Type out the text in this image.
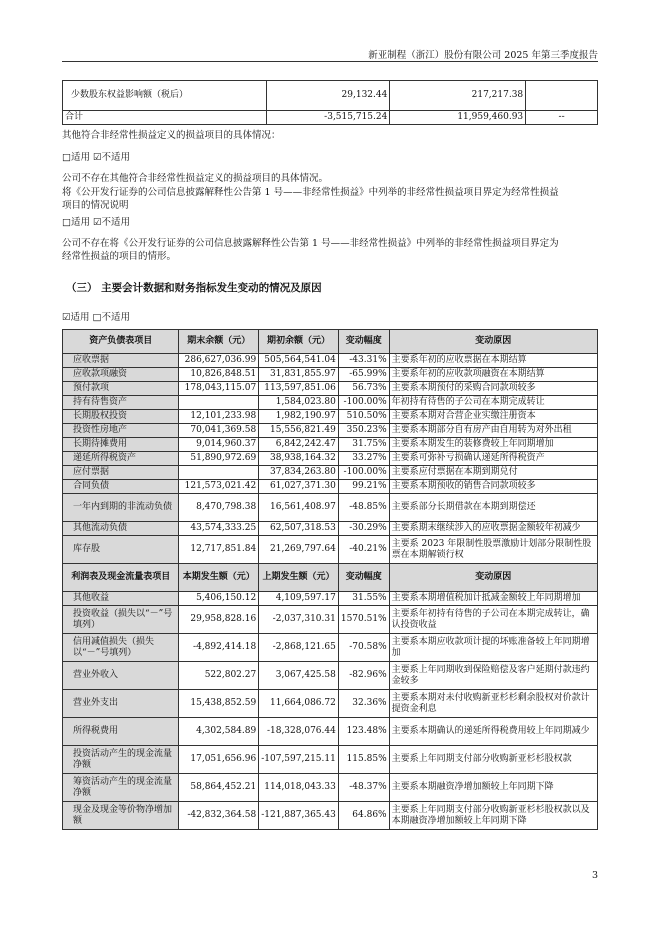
新亚制程（浙江）股份有限公司 2025 年第三季度报告
少数股东权益影响额（税后）	29,132.44	217,217.38	
合计	-3,515,715.24	11,959,460.93	--
其他符合非经常性损益定义的损益项目的具体情况：
□适用 ☑不适用
公司不存在其他符合非经常性损益定义的损益项目的具体情况。
将《公开发行证券的公司信息披露解释性公告第 1 号——非经常性损益》中列举的非经常性损益项目界定为经常性损益
项目的情况说明
□适用 ☑不适用
公司不存在将《公开发行证券的公司信息披露解释性公告第 1 号——非经常性损益》中列举的非经常性损益项目界定为
经常性损益的项目的情形。
（三） 主要会计数据和财务指标发生变动的情况及原因
☑适用 □不适用
资产负债表项目	期末余额（元）	期初余额（元）	变动幅度	变动原因
应收票据	286,627,036.99	505,564,541.04	-43.31%	主要系年初的应收票据在本期结算
应收款项融资	10,826,848.51	31,831,855.97	-65.99%	主要系年初的应收款项融资在本期结算
预付款项	178,043,115.07	113,597,851.06	56.73%	主要系本期预付的采购合同款项较多
持有待售资产		1,584,023.80	-100.00%	年初持有待售的子公司在本期完成转让
长期股权投资	12,101,233.98	1,982,190.97	510.50%	主要系本期对合营企业实缴注册资本
投资性房地产	70,041,369.58	15,556,821.49	350.23%	主要系本期部分自有房产由自用转为对外出租
长期待摊费用	9,014,960.37	6,842,242.47	31.75%	主要系本期发生的装修费较上年同期增加
递延所得税资产	51,890,972.69	38,938,164.32	33.27%	主要系可弥补亏损确认递延所得税资产
应付票据		37,834,263.80	-100.00%	主要系应付票据在本期到期兑付
合同负债	121,573,021.42	61,027,371.30	99.21%	主要系本期预收的销售合同款项较多
一年内到期的非流动负债	8,470,798.38	16,561,408.97	-48.85%	主要系部分长期借款在本期到期偿还
其他流动负债	43,574,333.25	62,507,318.53	-30.29%	主要系期末继续涉入的应收票据金额较年初减少
库存股	12,717,851.84	21,269,797.64	-40.21%	主要系 2023 年限制性股票激励计划部分限制性股票在本期解锁行权
利润表及现金流量表项目	本期发生额（元）	上期发生额（元）	变动幅度	变动原因
其他收益	5,406,150.12	4,109,597.17	31.55%	主要系本期增值税加计抵减金额较上年同期增加
投资收益（损失以“－”号填列）	29,958,828.16	-2,037,310.31	1570.51%	主要系年初持有待售的子公司在本期完成转让，确认投资收益
信用减值损失（损失以“－”号填列）	-4,892,414.18	-2,868,121.65	-70.58%	主要系本期应收款项计提的坏账准备较上年同期增加
营业外收入	522,802.27	3,067,425.58	-82.96%	主要系上年同期收到保险赔偿及客户延期付款违约金较多
营业外支出	15,438,852.59	11,664,086.72	32.36%	主要系本期对未付收购新亚杉杉剩余股权对价款计提资金利息
所得税费用	4,302,584.89	-18,328,076.44	123.48%	主要系本期确认的递延所得税费用较上年同期减少
投资活动产生的现金流量净额	17,051,656.96	-107,597,215.11	115.85%	主要系上年同期支付部分收购新亚杉杉股权款
筹资活动产生的现金流量净额	58,864,452.21	114,018,043.33	-48.37%	主要系本期融资净增加额较上年同期下降
现金及现金等价物净增加额	-42,832,364.58	-121,887,365.43	64.86%	主要系上年同期支付部分收购新亚杉杉股权款以及本期融资净增加额较上年同期下降
3
